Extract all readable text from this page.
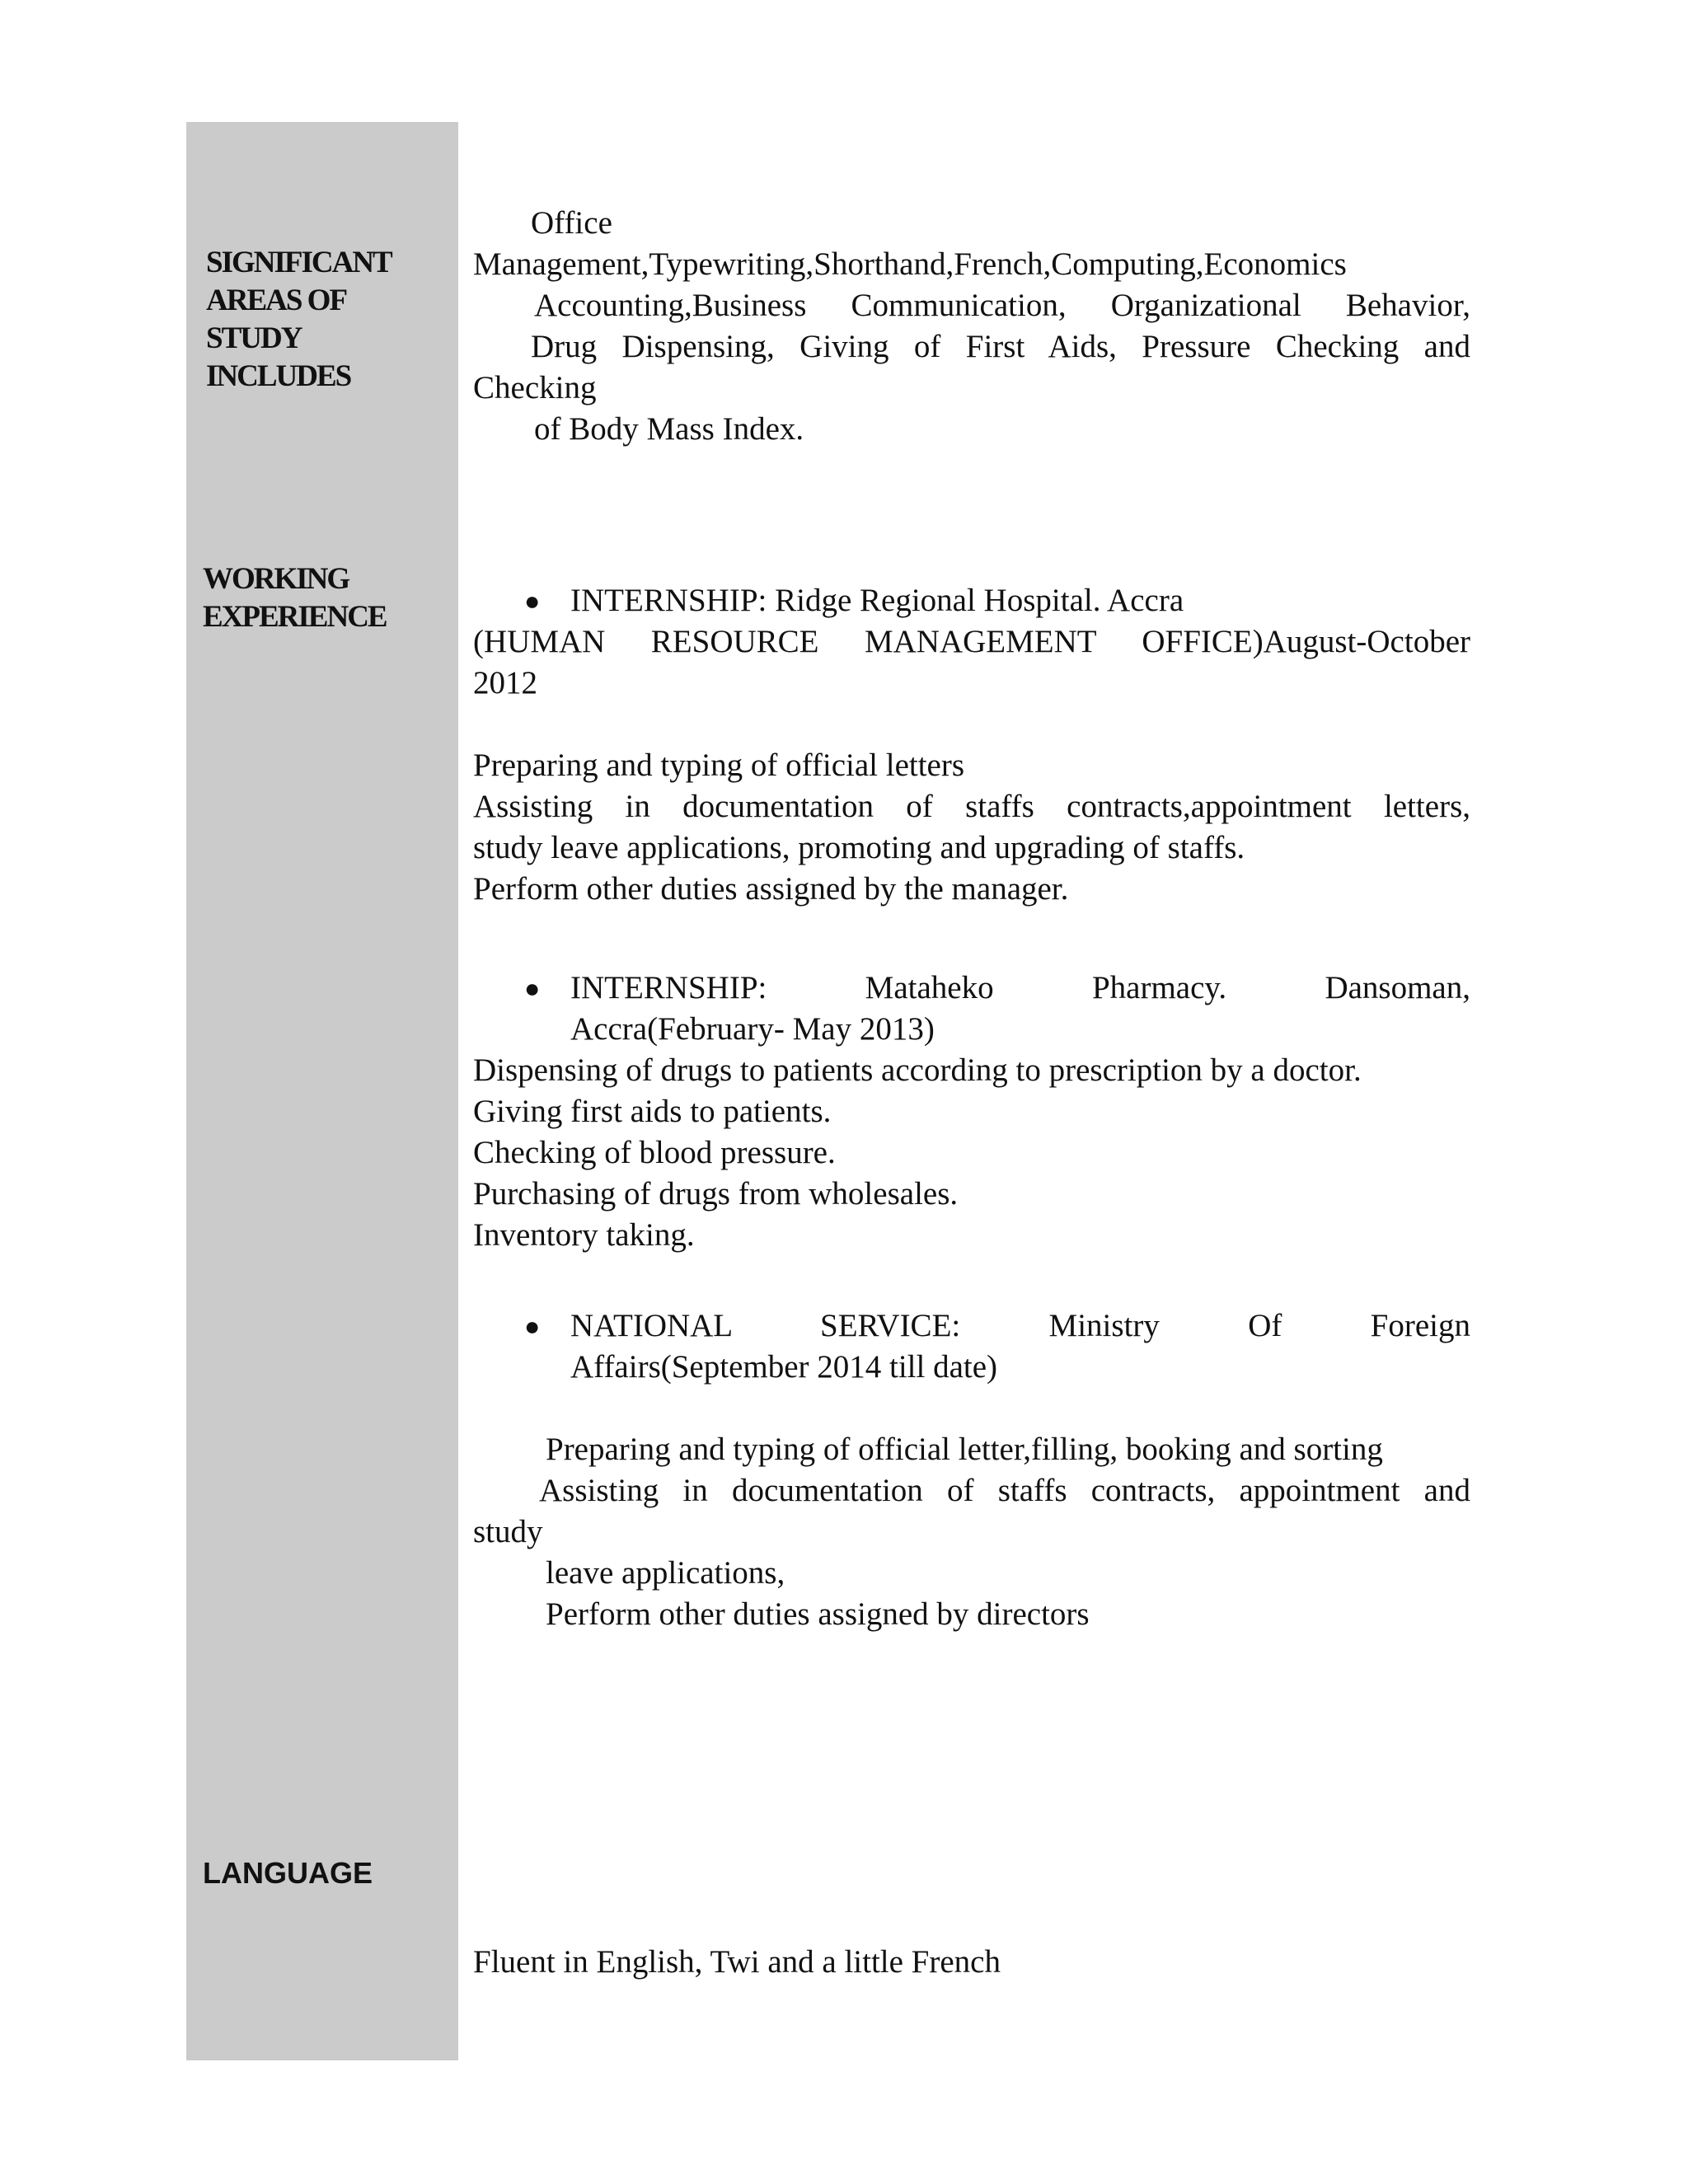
SIGNIFICANT
AREAS OF
STUDY
INCLUDES
Office
Management,Typewriting,Shorthand,French,Computing,Economics
Accounting,Business Communication, Organizational Behavior,
Drug Dispensing, Giving of First Aids, Pressure Checking and
Checking
of Body Mass Index.
WORKING
EXPERIENCE	● INTERNSHIP: Ridge Regional Hospital. Accra
(HUMAN RESOURCE MANAGEMENT OFFICE)August-October
2012
Preparing and typing of official letters
Assisting in documentation of staffs contracts,appointment letters,
study leave applications, promoting and upgrading of staffs.
Perform other duties assigned by the manager.
● INTERNSHIP: Mataheko Pharmacy. Dansoman,
Accra(February- May 2013)
Dispensing of drugs to patients according to prescription by a doctor.
Giving first aids to patients.
Checking of blood pressure.
Purchasing of drugs from wholesales.
Inventory taking.
● NATIONAL SERVICE: Ministry Of Foreign
Affairs(September 2014 till date)
Preparing and typing of official letter,filling, booking and sorting
Assisting in documentation of staffs contracts, appointment and
study
leave applications,
Perform other duties assigned by directors
LANGUAGE
Fluent in English, Twi and a little French
